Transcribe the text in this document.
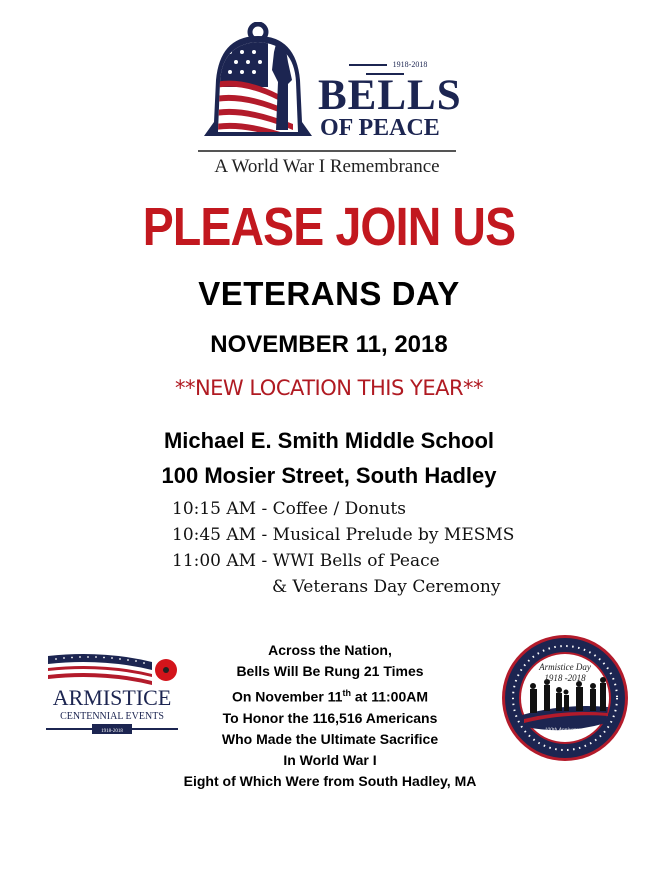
1918-2018
BELLS
OF PEACE
A World War I Remembrance
PLEASE JOIN US
VETERANS DAY
NOVEMBER 11, 2018
**NEW LOCATION THIS YEAR**
Michael E. Smith Middle School
100 Mosier Street, South Hadley
10:15 AM - Coffee / Donuts
10:45 AM - Musical Prelude by MESMS
11:00 AM - WWI Bells of Peace
& Veterans Day Ceremony
ARMISTICE
CENTENNIAL EVENTS
1918-2018
Armistice Day
1918 -2018
100th Anniversary
Across the Nation,
Bells Will Be Rung 21 Times
On November 11th at 11:00AM
To Honor the 116,516 Americans
Who Made the Ultimate Sacrifice
In World War I
Eight of Which Were from South Hadley, MA
